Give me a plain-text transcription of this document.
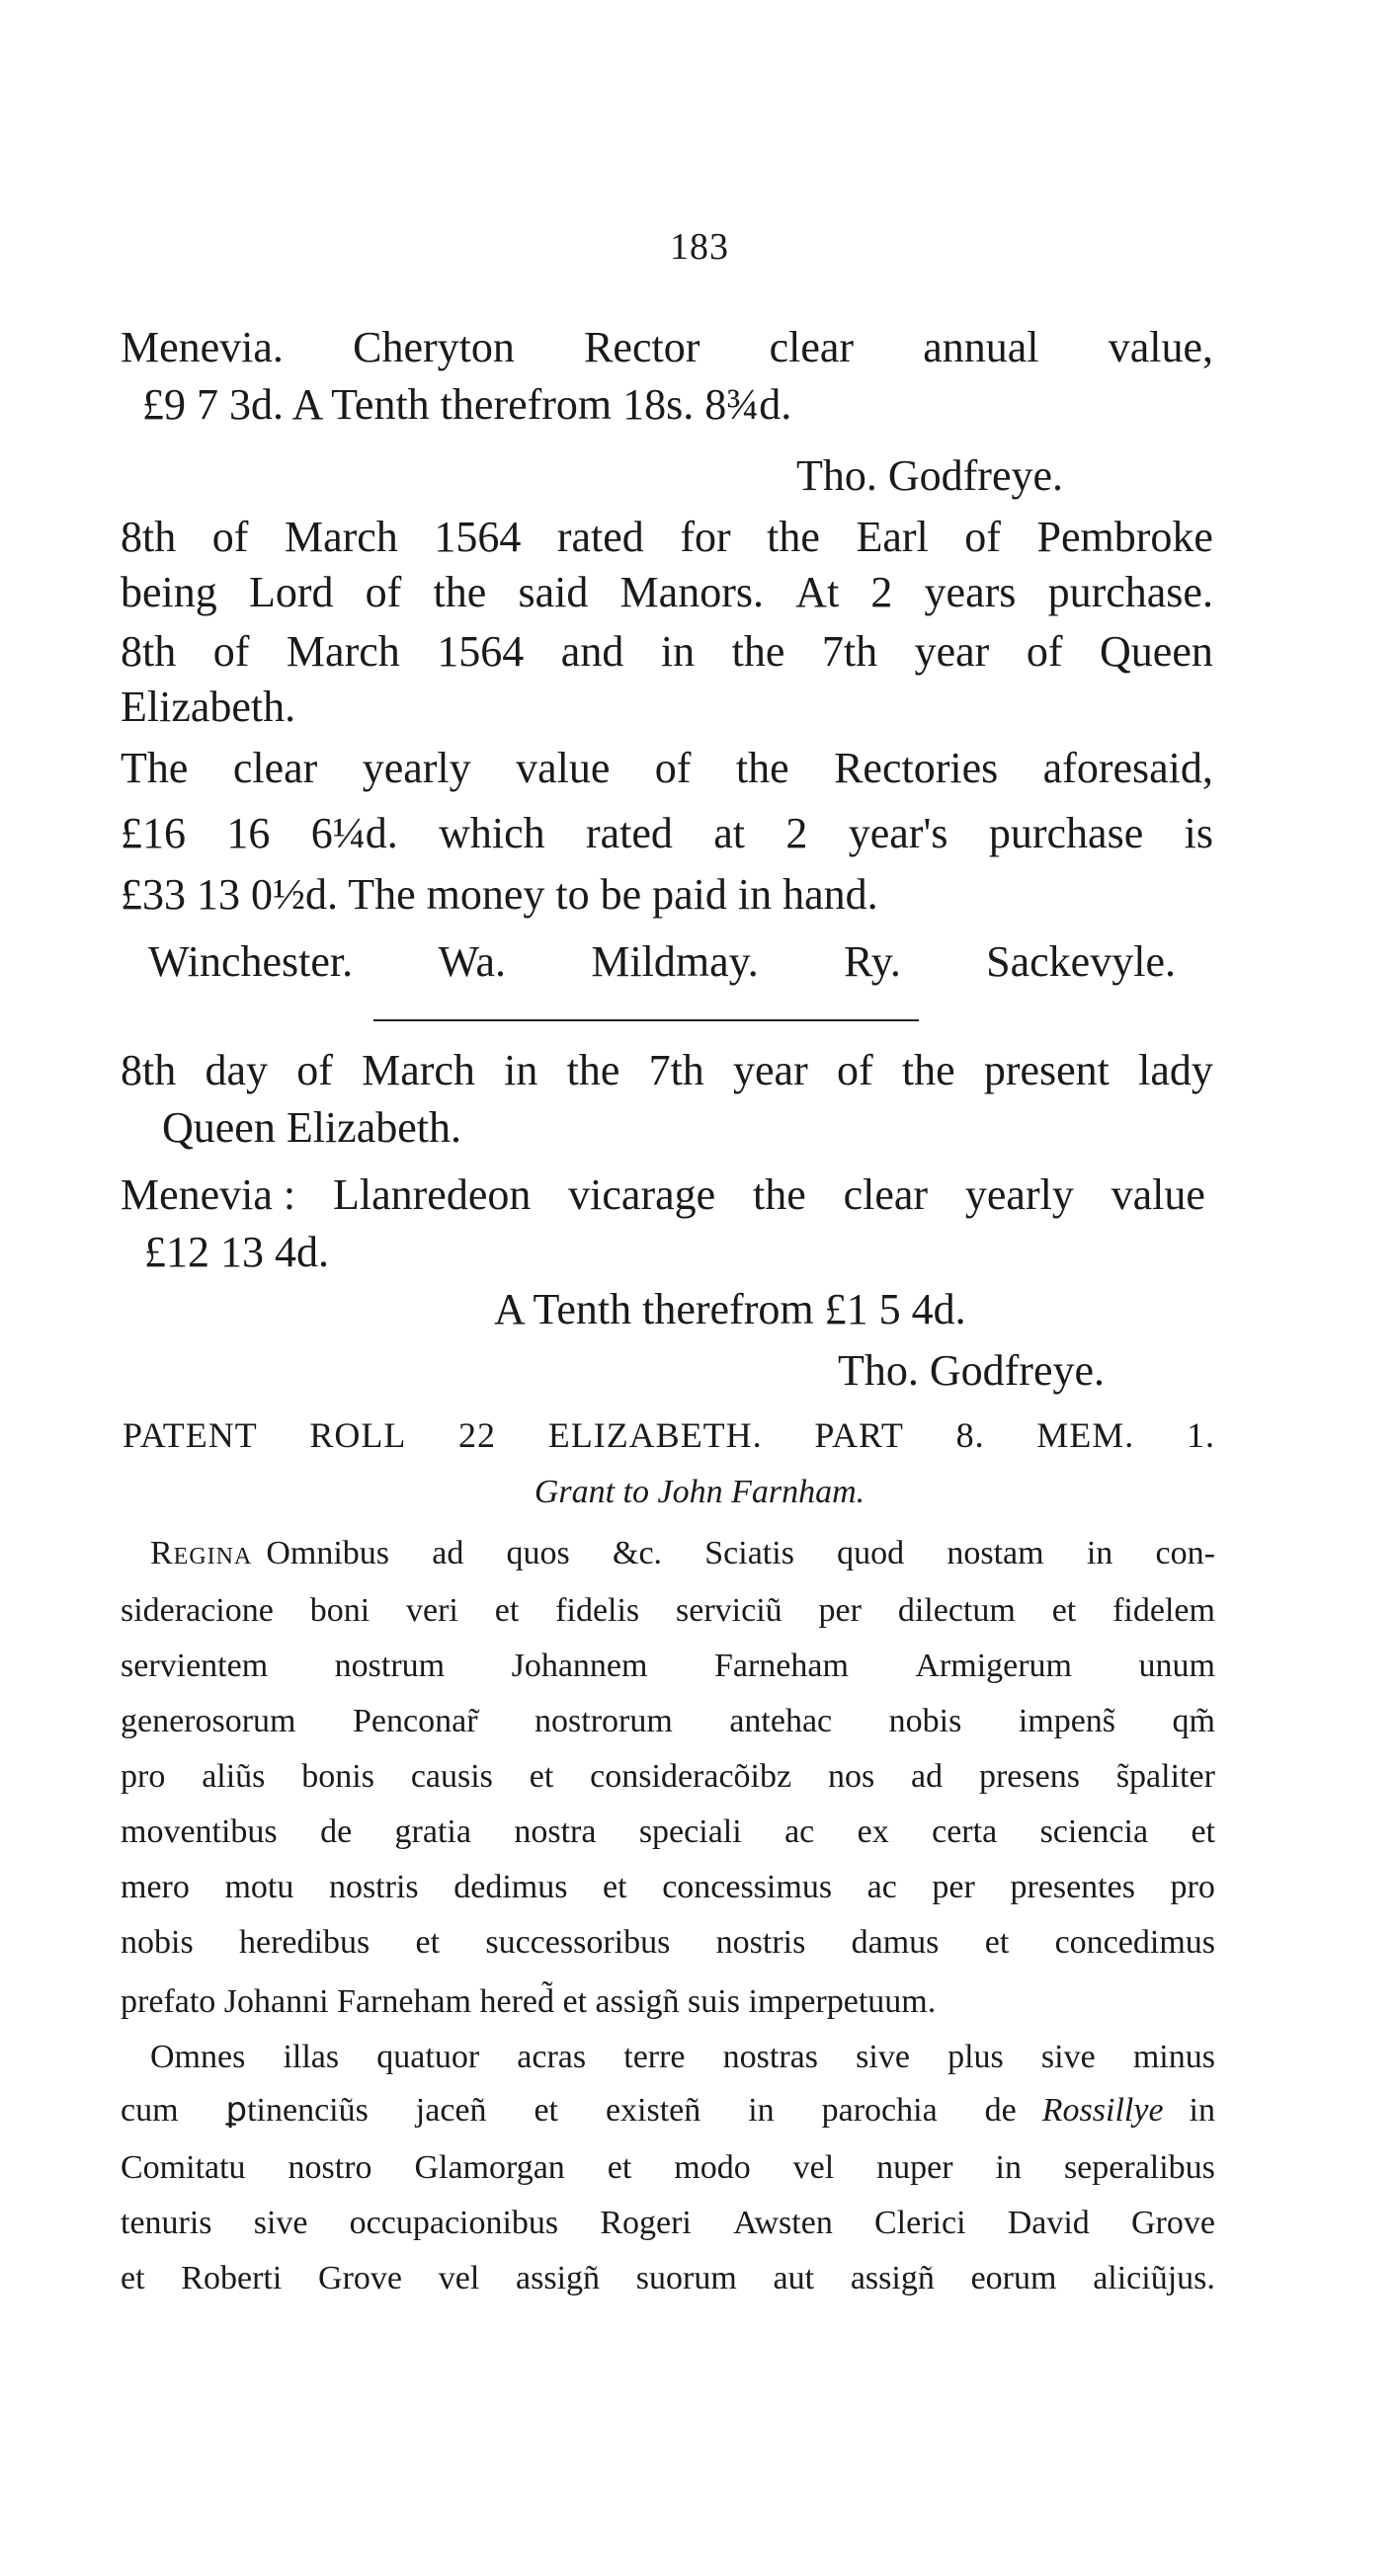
183
Menevia. Cheryton Rector clear annual value,
£9 7 3d. A Tenth therefrom 18s. 8¾d.
Tho. Godfreye.
8th of March 1564 rated for the Earl of Pembroke
being Lord of the said Manors. At 2 years purchase.
8th of March 1564 and in the 7th year of Queen
Elizabeth.
The clear yearly value of the Rectories aforesaid,
£16 16 6¼d. which rated at 2 year's purchase is
£33 13 0½d. The money to be paid in hand.
Winchester. Wa. Mildmay. Ry. Sackevyle.
8th day of March in the 7th year of the present lady
Queen Elizabeth.
Menevia : Llanredeon vicarage the clear yearly value
£12 13 4d.
A Tenth therefrom £1 5 4d.
Tho. Godfreye.
PATENT ROLL 22 ELIZABETH. PART 8. MEM. 1.
Grant to John Farnham.
Regina Omnibus ad quos &c. Sciatis quod nostam in con-
sideracione boni veri et fidelis serviciũ per dilectum et fidelem
servientem nostrum Johannem Farneham Armigerum unum
generosorum Penconar̃ nostrorum antehac nobis impens̃ qm̃
pro aliũs bonis causis et consideracõibz nos ad presens s̃paliter
moventibus de gratia nostra speciali ac ex certa sciencia et
mero motu nostris dedimus et concessimus ac per presentes pro
nobis heredibus et successoribus nostris damus et concedimus
prefato Johanni Farneham hered̃ et assigñ suis imperpetuum.
Omnes illas quatuor acras terre nostras sive plus sive minus
cum ꝑtinenciũs jaceñ et existeñ in parochia de Rossillye in
Comitatu nostro Glamorgan et modo vel nuper in seperalibus
tenuris sive occupacionibus Rogeri Awsten Clerici David Grove
et Roberti Grove vel assigñ suorum aut assigñ eorum aliciũjus.
